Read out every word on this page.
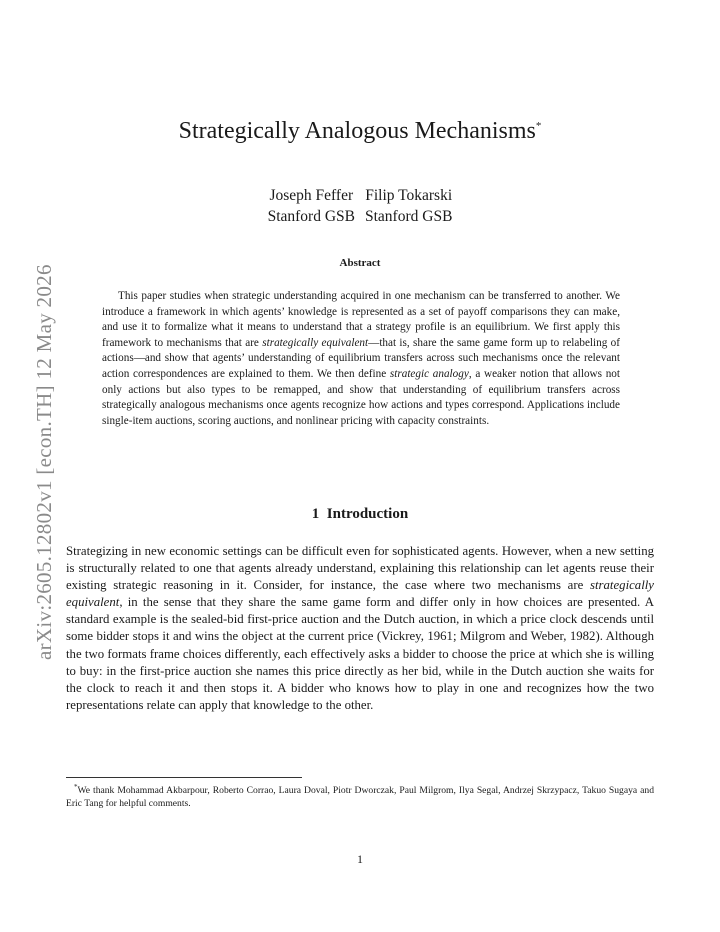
arXiv:2605.12802v1 [econ.TH] 12 May 2026
Strategically Analogous Mechanisms*
Joseph Feffer
Stanford GSB
Filip Tokarski
Stanford GSB
Abstract

This paper studies when strategic understanding acquired in one mechanism can be transferred to another. We introduce a framework in which agents’ knowledge is represented as a set of payoff comparisons they can make, and use it to formalize what it means to understand that a strategy profile is an equilibrium. We first apply this framework to mechanisms that are strategically equivalent—that is, share the same game form up to relabeling of actions—and show that agents’ understanding of equilibrium transfers across such mechanisms once the relevant action correspondences are explained to them. We then define strategic analogy, a weaker notion that allows not only actions but also types to be remapped, and show that understanding of equilibrium transfers across strategically analogous mechanisms once agents recognize how actions and types correspond. Applications include single-item auctions, scoring auctions, and nonlinear pricing with capacity constraints.

1 Introduction

Strategizing in new economic settings can be difficult even for sophisticated agents. However, when a new setting is structurally related to one that agents already understand, explaining this relationship can let agents reuse their existing strategic reasoning in it. Consider, for instance, the case where two mechanisms are strategically equivalent, in the sense that they share the same game form and differ only in how choices are presented. A standard example is the sealed-bid first-price auction and the Dutch auction, in which a price clock descends until some bidder stops it and wins the object at the current price (Vickrey, 1961; Milgrom and Weber, 1982). Although the two formats frame choices differently, each effectively asks a bidder to choose the price at which she is willing to buy: in the first-price auction she names this price directly as her bid, while in the Dutch auction she waits for the clock to reach it and then stops it. A bidder who knows how to play in one and recognizes how the two representations relate can apply that knowledge to the other.

*We thank Mohammad Akbarpour, Roberto Corrao, Laura Doval, Piotr Dworczak, Paul Milgrom, Ilya Segal, Andrzej Skrzypacz, Takuo Sugaya and Eric Tang for helpful comments.

1
